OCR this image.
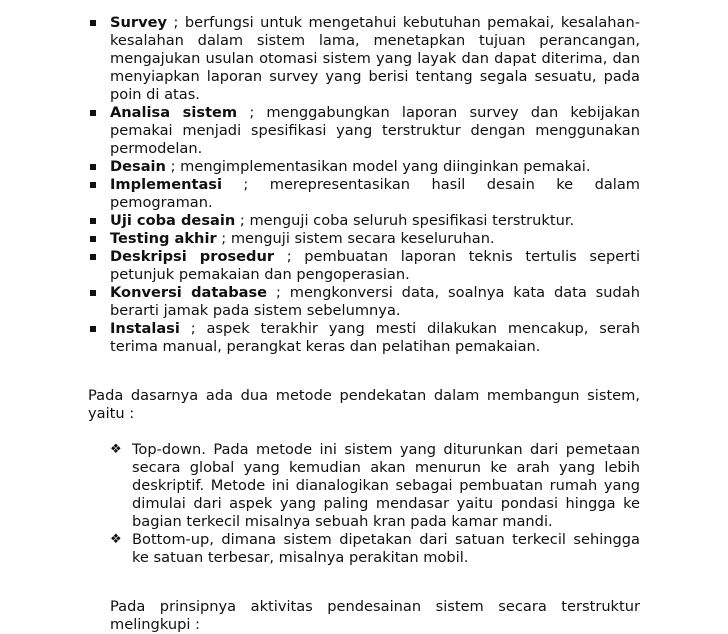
Survey ; berfungsi untuk mengetahui kebutuhan pemakai, kesalahan-kesalahan dalam sistem lama, menetapkan tujuan perancangan, mengajukan usulan otomasi sistem yang layak dan dapat diterima, dan menyiapkan laporan survey yang berisi tentang segala sesuatu, pada poin di atas.
Analisa sistem ; menggabungkan laporan survey dan kebijakan pemakai menjadi spesifikasi yang terstruktur dengan menggunakan permodelan.
Desain ; mengimplementasikan model yang diinginkan pemakai.
Implementasi ; merepresentasikan hasil desain ke dalam pemograman.
Uji coba desain ; menguji coba seluruh spesifikasi terstruktur.
Testing akhir ; menguji sistem secara keseluruhan.
Deskripsi prosedur ; pembuatan laporan teknis tertulis seperti petunjuk pemakaian dan pengoperasian.
Konversi database ; mengkonversi data, soalnya kata data sudah berarti jamak pada sistem sebelumnya.
Instalasi ; aspek terakhir yang mesti dilakukan mencakup, serah terima manual, perangkat keras dan pelatihan pemakaian.

Pada dasarnya ada dua metode pendekatan dalam membangun sistem, yaitu :

❖ Top-down. Pada metode ini sistem yang diturunkan dari pemetaan secara global yang kemudian akan menurun ke arah yang lebih deskriptif. Metode ini dianalogikan sebagai pembuatan rumah yang dimulai dari aspek yang paling mendasar yaitu pondasi hingga ke bagian terkecil misalnya sebuah kran pada kamar mandi.
❖ Bottom-up, dimana sistem dipetakan dari satuan terkecil sehingga ke satuan terbesar, misalnya perakitan mobil.

Pada prinsipnya aktivitas pendesainan sistem secara terstruktur melingkupi :
